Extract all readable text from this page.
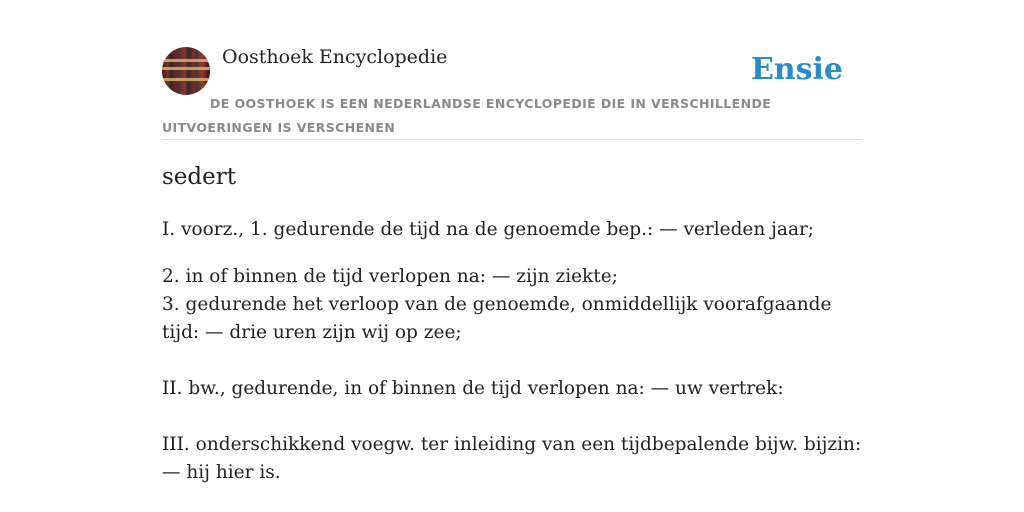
Oosthoek Encyclopedie	Ensie
DE OOSTHOEK IS EEN NEDERLANDSE ENCYCLOPEDIE DIE IN VERSCHILLENDE UITVOERINGEN IS VERSCHENEN
sedert

I. voorz., 1. gedurende de tijd na de genoemde bep.: — verleden jaar;

2. in of binnen de tijd verlopen na: — zijn ziekte;

3. gedurende het verloop van de genoemde, onmiddellijk voorafgaande tijd: — drie uren zijn wij op zee;

II. bw., gedurende, in of binnen de tijd verlopen na: — uw vertrek:

III. onderschikkend voegw. ter inleiding van een tijdbepalende bijw. bijzin: — hij hier is.
